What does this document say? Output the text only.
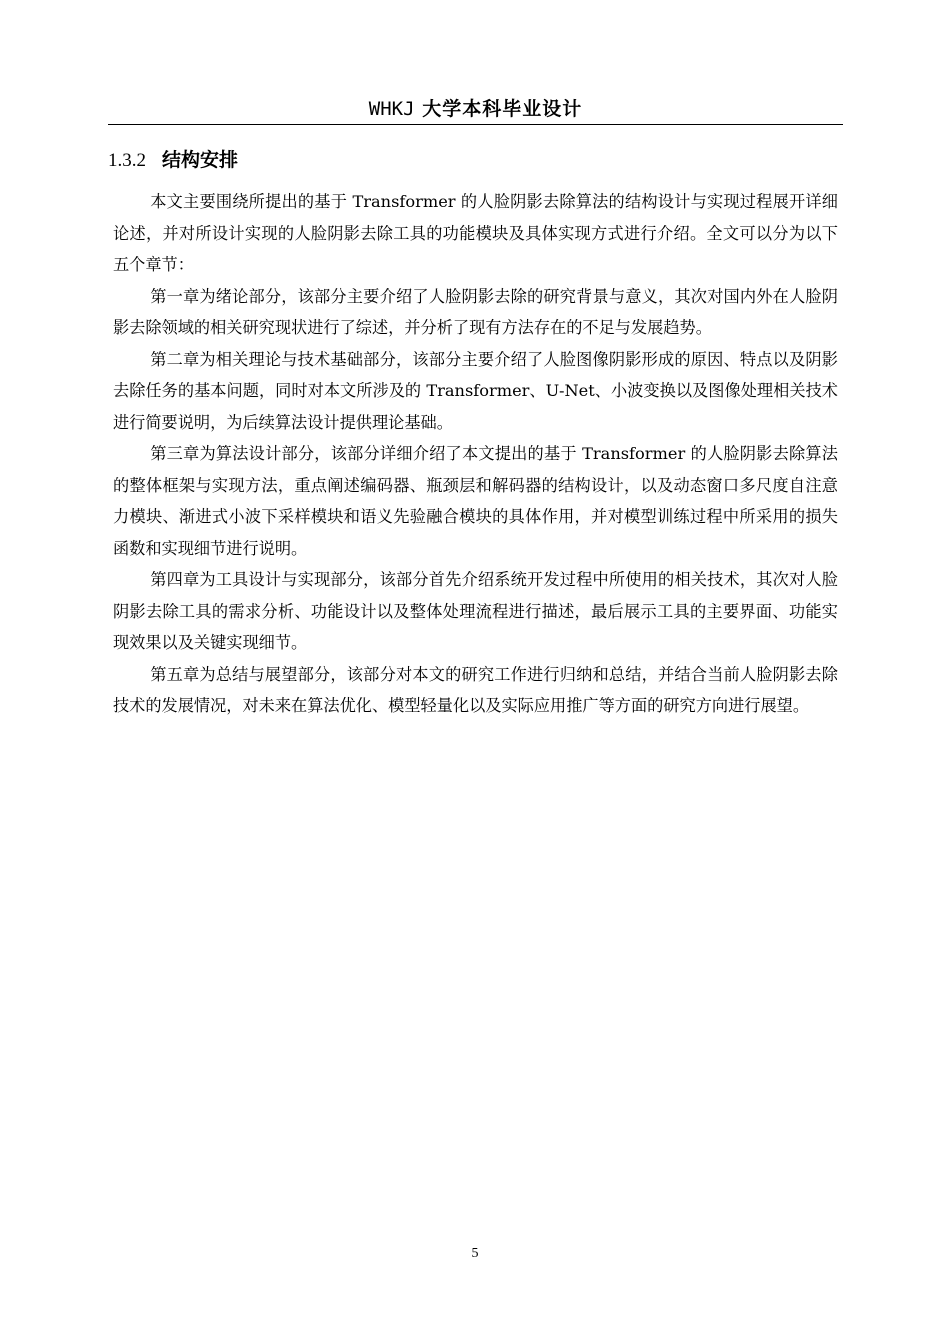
WHKJ 大学本科毕业设计
1.3.2 结构安排

本文主要围绕所提出的基于 Transformer 的人脸阴影去除算法的结构设计与实现过程展开详细论述，并对所设计实现的人脸阴影去除工具的功能模块及具体实现方式进行介绍。全文可以分为以下五个章节：

第一章为绪论部分，该部分主要介绍了人脸阴影去除的研究背景与意义，其次对国内外在人脸阴影去除领域的相关研究现状进行了综述，并分析了现有方法存在的不足与发展趋势。

第二章为相关理论与技术基础部分，该部分主要介绍了人脸图像阴影形成的原因、特点以及阴影去除任务的基本问题，同时对本文所涉及的 Transformer、U-Net、小波变换以及图像处理相关技术进行简要说明，为后续算法设计提供理论基础。

第三章为算法设计部分，该部分详细介绍了本文提出的基于 Transformer 的人脸阴影去除算法的整体框架与实现方法，重点阐述编码器、瓶颈层和解码器的结构设计，以及动态窗口多尺度自注意力模块、渐进式小波下采样模块和语义先验融合模块的具体作用，并对模型训练过程中所采用的损失函数和实现细节进行说明。

第四章为工具设计与实现部分，该部分首先介绍系统开发过程中所使用的相关技术，其次对人脸阴影去除工具的需求分析、功能设计以及整体处理流程进行描述，最后展示工具的主要界面、功能实现效果以及关键实现细节。

第五章为总结与展望部分，该部分对本文的研究工作进行归纳和总结，并结合当前人脸阴影去除技术的发展情况，对未来在算法优化、模型轻量化以及实际应用推广等方面的研究方向进行展望。

5
